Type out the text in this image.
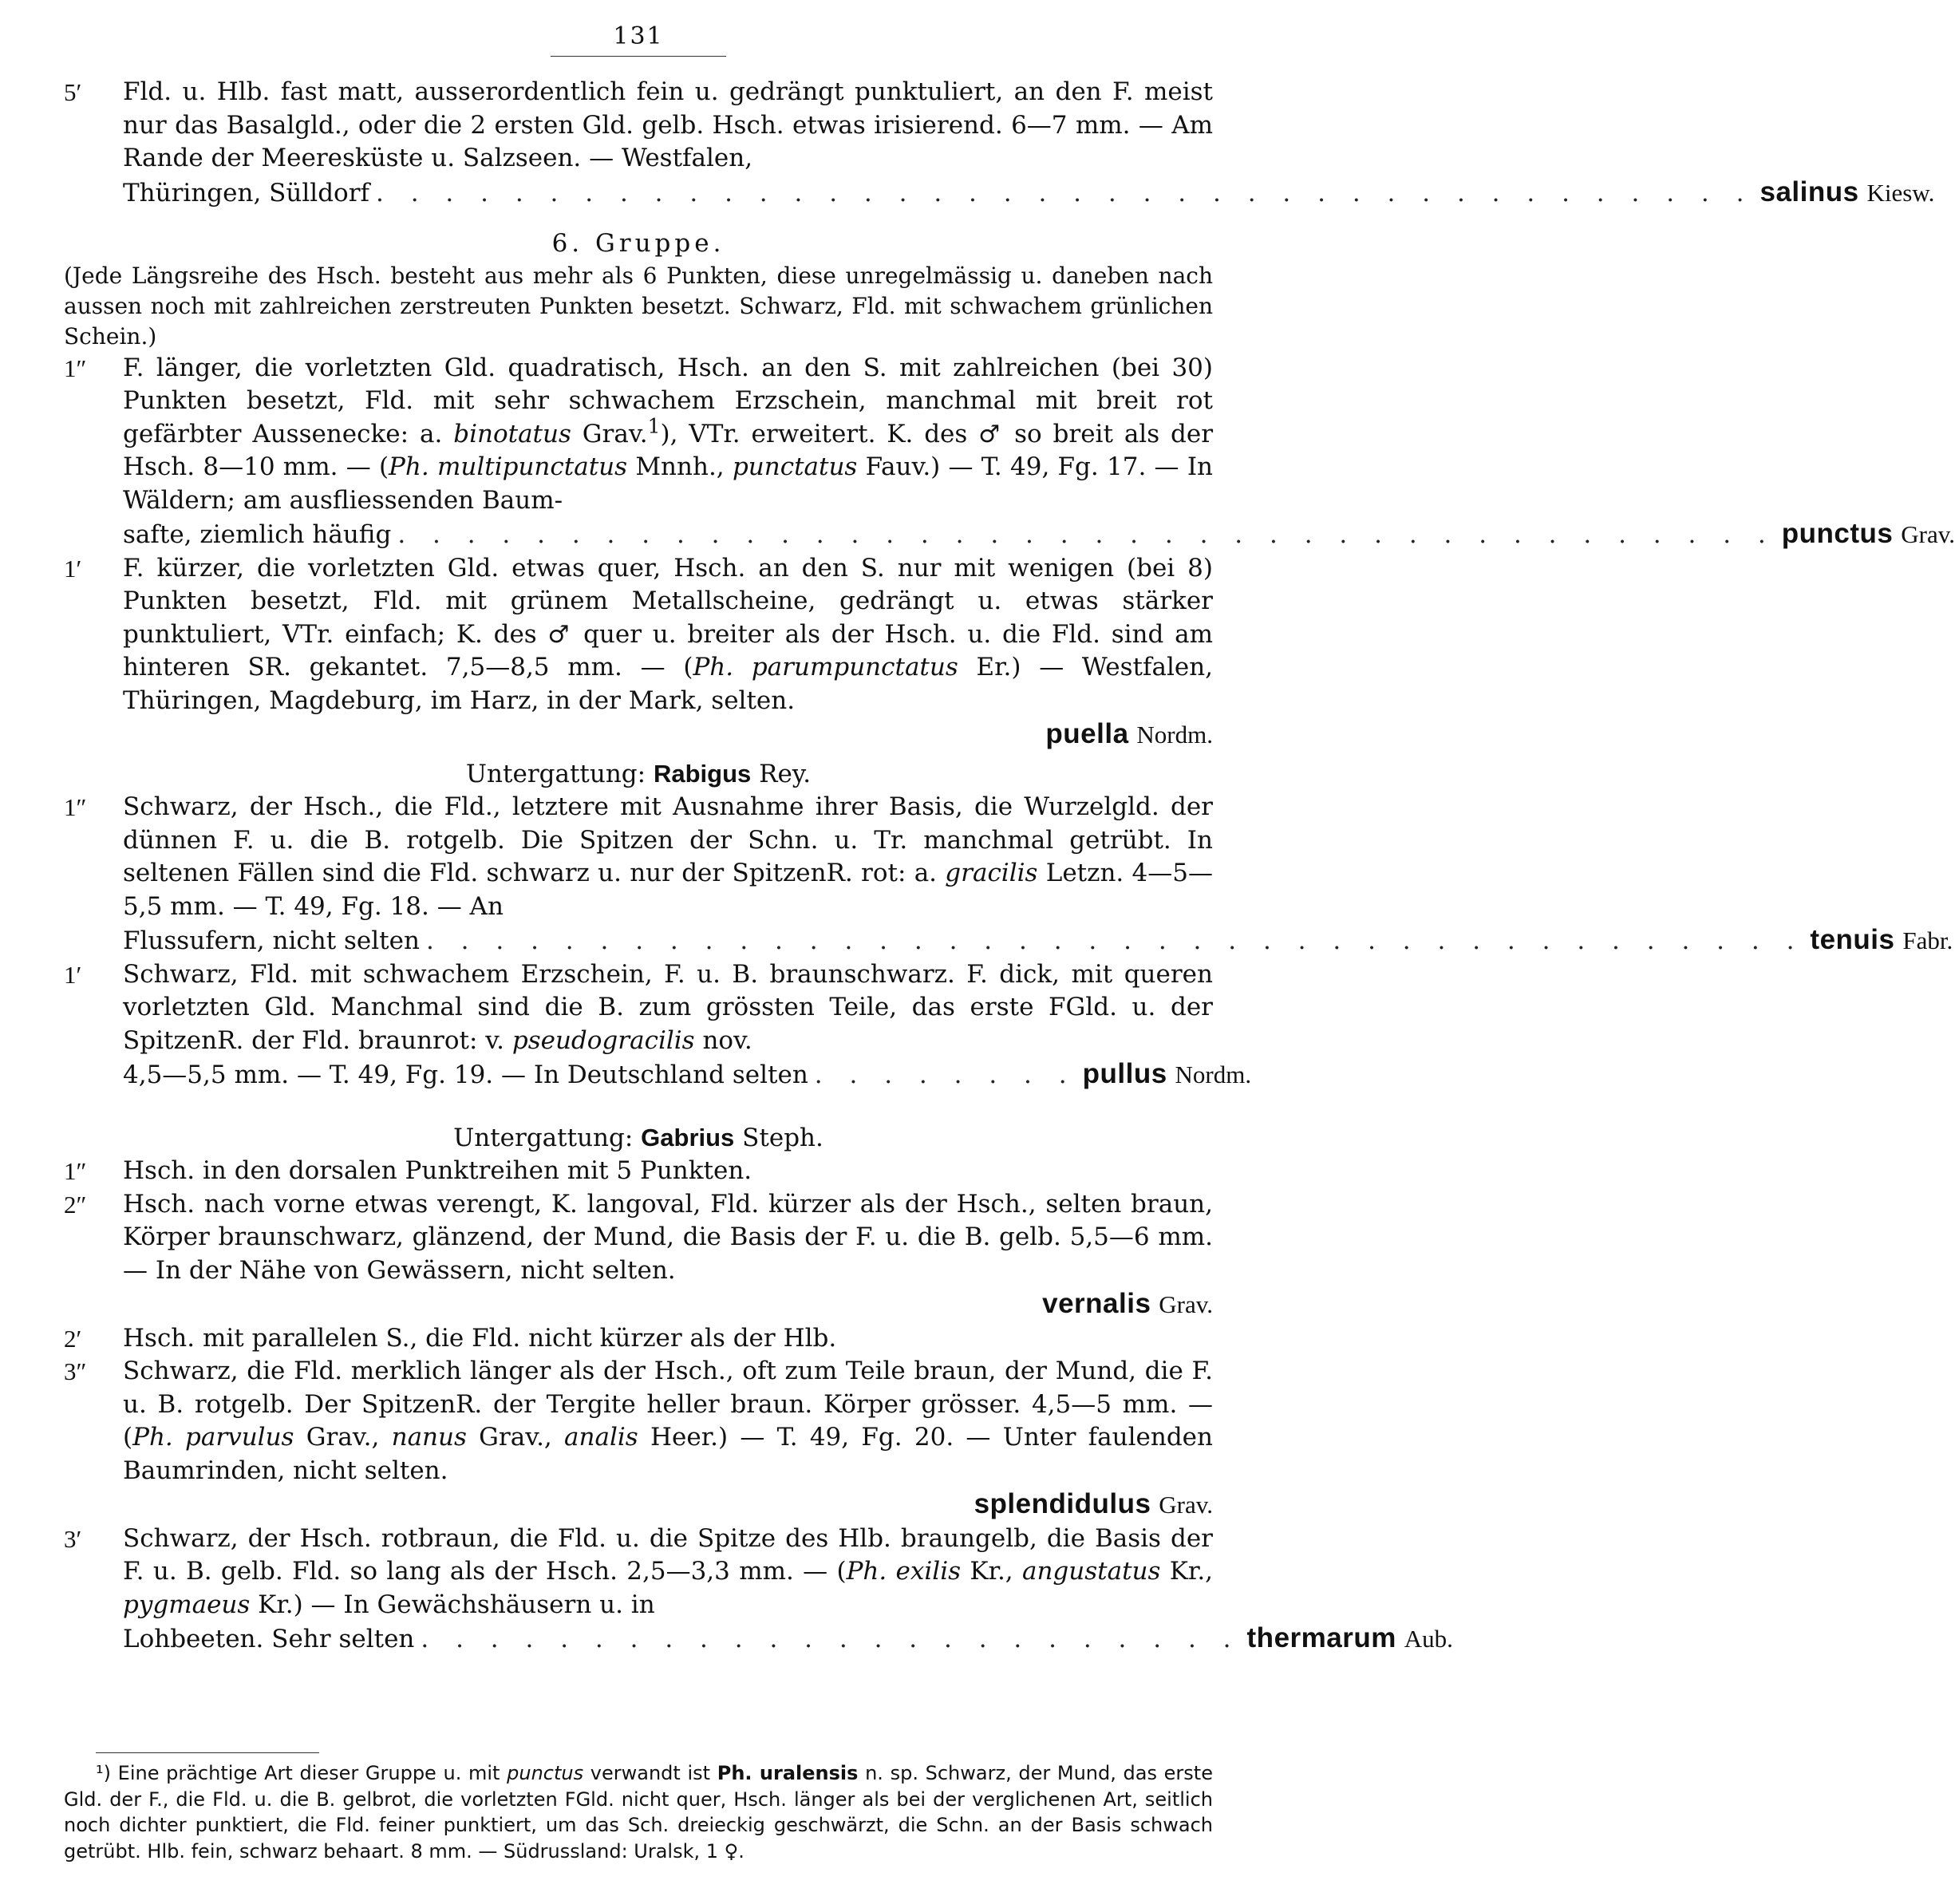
131
5′ Fld. u. Hlb. fast matt, ausserordentlich fein u. gedrängt punktuliert, an den F. meist nur das Basalgld., oder die 2 ersten Gld. gelb. Hsch. etwas irisierend. 6—7 mm. — Am Rande der Meeresküste u. Salzseen. — Westfalen,
Thüringen, Sülldorf . . . . . . . . . . . . . . . . . . . . . . . . . . . . . . . . . . . . . . . . salinus
Kiesw.
6. Gruppe.
(Jede Längsreihe des Hsch. besteht aus mehr als 6 Punkten, diese unregelmässig u. daneben nach aussen noch mit zahlreichen zerstreuten Punkten besetzt. Schwarz, Fld. mit schwachem grünlichen Schein.)
1″ F. länger, die vorletzten Gld. quadratisch, Hsch. an den S. mit zahlreichen (bei 30) Punkten besetzt, Fld. mit sehr schwachem Erzschein, manchmal mit breit rot gefärbter Aussenecke: a. binotatus Grav.$^1$), VTr. erweitert. K. des ♂ so breit als der Hsch. 8—10 mm. — (Ph. multipunctatus Mnnh., punctatus Fauv.) — T. 49, Fg. 17. — In Wäldern; am ausfliessenden Baum-
safte, ziemlich häufig . . . . . . . . . . . . . . . . . . . . . . . . . . . . . . . . . . . . . . . . punctus
Grav.
1′ F. kürzer, die vorletzten Gld. etwas quer, Hsch. an den S. nur mit wenigen (bei 8) Punkten besetzt, Fld. mit grünem Metallscheine, gedrängt u. etwas stärker punktuliert, VTr. einfach; K. des ♂ quer u. breiter als der Hsch. u. die Fld. sind am hinteren SR. gekantet. 7,5—8,5 mm. — (Ph. parumpunctatus Er.) — Westfalen, Thüringen, Magdeburg, im Harz, in der Mark, selten.
puella Nordm.
Untergattung: Rabigus Rey.
1″ Schwarz, der Hsch., die Fld., letztere mit Ausnahme ihrer Basis, die Wurzelgld. der dünnen F. u. die B. rotgelb. Die Spitzen der Schn. u. Tr. manchmal getrübt. In seltenen Fällen sind die Fld. schwarz u. nur der SpitzenR. rot: a. gracilis Letzn. 4—5—5,5 mm. — T. 49, Fg. 18. — An
Flussufern, nicht selten . . . . . . . . . . . . . . . . . . . . . . . . . . . . . . . . . . . . . . . . tenuis
Fabr.
1′ Schwarz, Fld. mit schwachem Erzschein, F. u. B. braunschwarz. F. dick, mit queren vorletzten Gld. Manchmal sind die B. zum grössten Teile, das erste FGld. u. der SpitzenR. der Fld. braunrot: v. pseudogracilis nov.
4,5—5,5 mm. — T. 49, Fg. 19. — In Deutschland selten . . . . . . . . pullus
Nordm.
Untergattung: Gabrius Steph.
1″ Hsch. in den dorsalen Punktreihen mit 5 Punkten.
2″ Hsch. nach vorne etwas verengt, K. langoval, Fld. kürzer als der Hsch., selten braun, Körper braunschwarz, glänzend, der Mund, die Basis der F. u. die B. gelb. 5,5—6 mm. — In der Nähe von Gewässern, nicht selten.
vernalis Grav.
2′ Hsch. mit parallelen S., die Fld. nicht kürzer als der Hlb.
3″ Schwarz, die Fld. merklich länger als der Hsch., oft zum Teile braun, der Mund, die F. u. B. rotgelb. Der SpitzenR. der Tergite heller braun. Körper grösser. 4,5—5 mm. — (Ph. parvulus Grav., nanus Grav., analis Heer.) — T. 49, Fg. 20. — Unter faulenden Baumrinden, nicht selten.
splendidulus Grav.
3′ Schwarz, der Hsch. rotbraun, die Fld. u. die Spitze des Hlb. braungelb, die Basis der F. u. B. gelb. Fld. so lang als der Hsch. 2,5—3,3 mm. — (Ph. exilis Kr., angustatus Kr., pygmaeus Kr.) — In Gewächshäusern u. in
Lohbeeten. Sehr selten . . . . . . . . . . . . . . . . . . . . . . . . thermarum
Aub.
¹) Eine prächtige Art dieser Gruppe u. mit punctus verwandt ist Ph. uralensis n. sp. Schwarz, der Mund, das erste Gld. der F., die Fld. u. die B. gelbrot, die vorletzten FGld. nicht quer, Hsch. länger als bei der verglichenen Art, seitlich noch dichter punktiert, die Fld. feiner punktiert, um das Sch. dreieckig geschwärzt, die Schn. an der Basis schwach getrübt. Hlb. fein, schwarz behaart. 8 mm. — Südrussland: Uralsk, 1 ♀.
